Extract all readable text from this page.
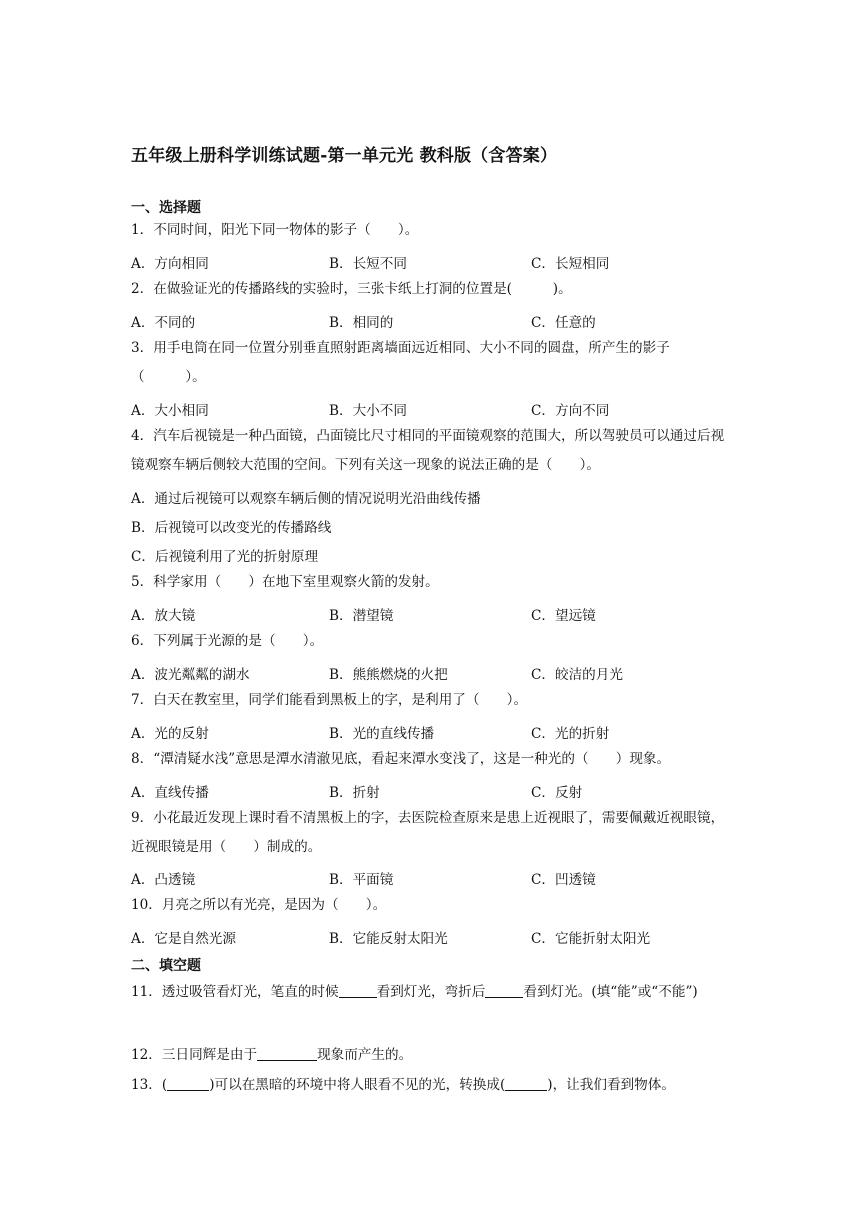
五年级上册科学训练试题-第一单元光 教科版（含答案）
一、选择题
1．不同时间，阳光下同一物体的影子（　　）。
A．方向相同	B．长短不同	C．长短相同
2．在做验证光的传播路线的实验时，三张卡纸上打洞的位置是(　　　)。
A．不同的	B．相同的	C．任意的
3．用手电筒在同一位置分别垂直照射距离墙面远近相同、大小不同的圆盘，所产生的影子（　　　）。
A．大小相同	B．大小不同	C．方向不同
4．汽车后视镜是一种凸面镜，凸面镜比尺寸相同的平面镜观察的范围大，所以驾驶员可以通过后视镜观察车辆后侧较大范围的空间。下列有关这一现象的说法正确的是（　　）。
A．通过后视镜可以观察车辆后侧的情况说明光沿曲线传播
B．后视镜可以改变光的传播路线
C．后视镜利用了光的折射原理
5．科学家用（　　）在地下室里观察火箭的发射。
A．放大镜	B．潜望镜	C．望远镜
6．下列属于光源的是（　　）。
A．波光粼粼的湖水	B．熊熊燃烧的火把	C．皎洁的月光
7．白天在教室里，同学们能看到黑板上的字，是利用了（　　）。
A．光的反射	B．光的直线传播	C．光的折射
8．“潭清疑水浅”意思是潭水清澈见底，看起来潭水变浅了，这是一种光的（　　）现象。
A．直线传播	B．折射	C．反射
9．小花最近发现上课时看不清黑板上的字，去医院检查原来是患上近视眼了，需要佩戴近视眼镜，近视眼镜是用（　　）制成的。
A．凸透镜	B．平面镜	C．凹透镜
10．月亮之所以有光亮，是因为（　　）。
A．它是自然光源	B．它能反射太阳光	C．它能折射太阳光
二、填空题
11．透过吸管看灯光，笔直的时候	看到灯光，弯折后	看到灯光。(填“能”或“不能”)
12．三日同辉是由于	现象而产生的。
13．(	)可以在黑暗的环境中将人眼看不见的光，转换成(	)，让我们看到物体。
